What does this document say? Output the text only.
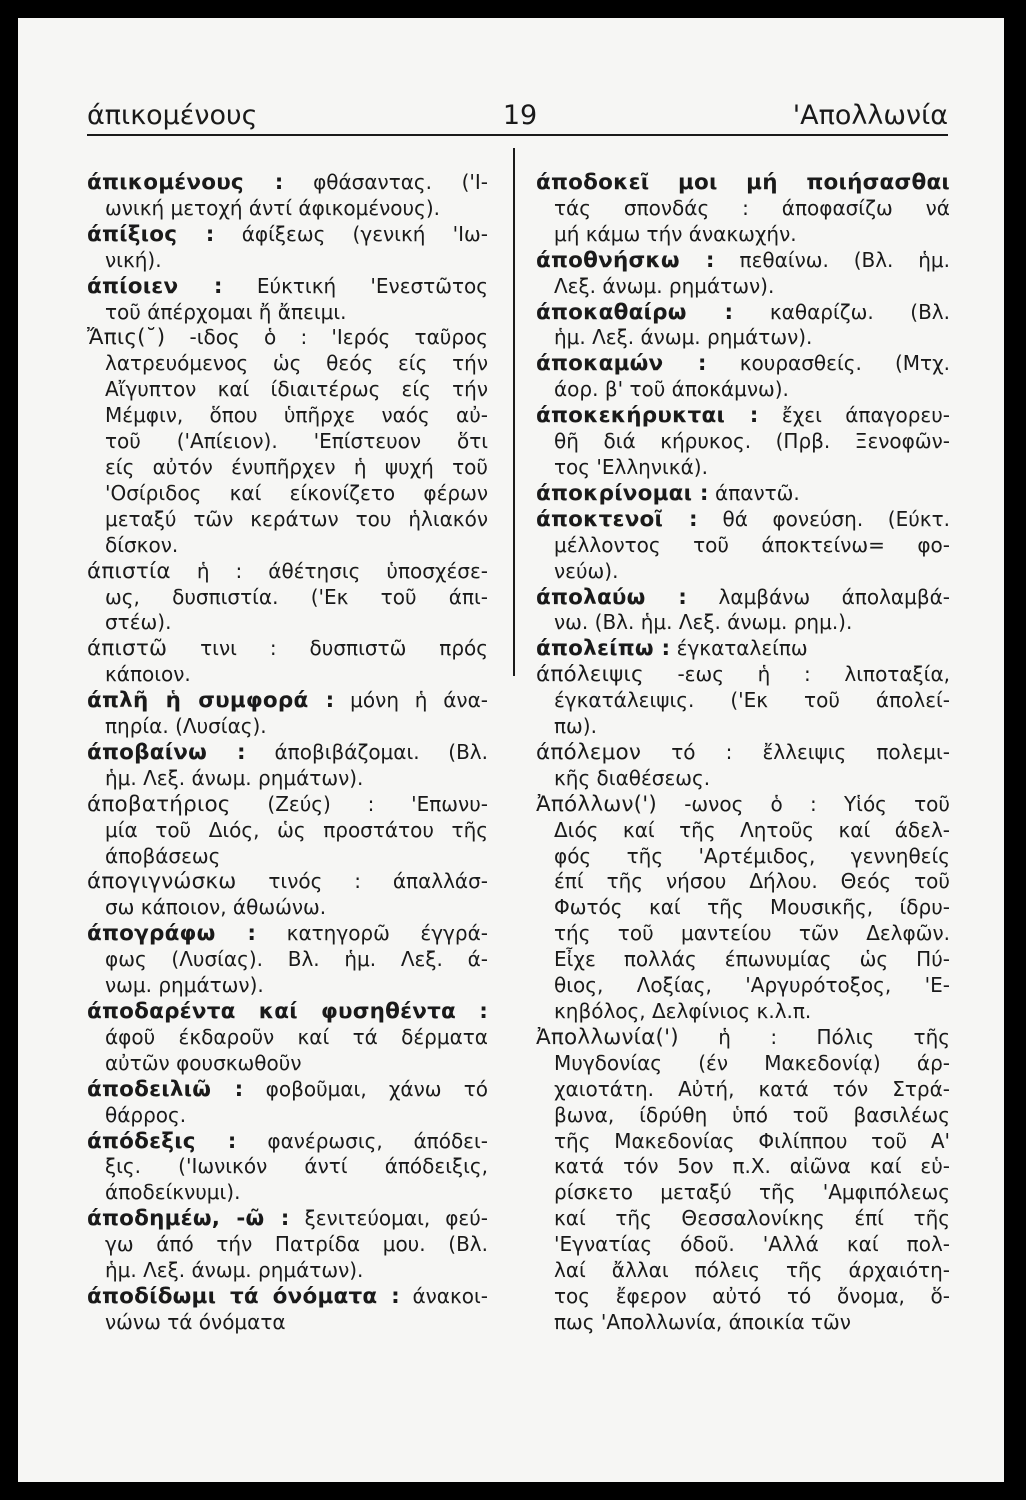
άπικομένους	19	'Απολλωνία

άπικομένους : φθάσαντας. ('Ι-

ωνική μετοχή άντί άφικομένους).

άπίξιος : άφίξεως (γενική 'Ιω-

νική).

άπίοιεν : Εύκτική 'Ενεστῶτος

τοῦ άπέρχομαι ἤ ἄπειμι.

Ἄπις(˘) -ιδος ὁ : 'Ιερός ταῦρος

λατρευόμενος ὡς θεός είς τήν

Αἴγυπτον καί ίδιαιτέρως είς τήν

Μέμφιν, ὅπου ὑπῆρχε ναός αὐ-

τοῦ ('Απίειον). 'Επίστευον ὅτι

είς αὐτόν ένυπῆρχεν ἡ ψυχή τοῦ

'Οσίριδος καί είκονίζετο φέρων

μεταξύ τῶν κεράτων του ἡλιακόν

δίσκον.

άπιστία ἡ : άθέτησις ὑποσχέσε-

ως, δυσπιστία. ('Εκ τοῦ άπι-

στέω).

άπιστῶ τινι : δυσπιστῶ πρός

κάποιον.

άπλῆ ἡ συμφορά : μόνη ἡ άνα-

πηρία. (Λυσίας).

άποβαίνω : άποβιβάζομαι. (Βλ.

ἡμ. Λεξ. άνωμ. ρημάτων).

άποβατήριος (Ζεύς) : 'Επωνυ-

μία τοῦ Διός, ὡς προστάτου τῆς

άποβάσεως

άπογιγνώσκω τινός : άπαλλάσ-

σω κάποιον, άθωώνω.

άπογράφω : κατηγορῶ έγγρά-

φως (Λυσίας). Βλ. ἡμ. Λεξ. ά-

νωμ. ρημάτων).

άποδαρέντα καί φυσηθέντα :

άφοῦ έκδαροῦν καί τά δέρματα

αὐτῶν φουσκωθοῦν

άποδειλιῶ : φοβοῦμαι, χάνω τό

θάρρος.

άπόδεξις : φανέρωσις, άπόδει-

ξις. ('Ιωνικόν άντί άπόδειξις,

άποδείκνυμι).

άποδημέω, -ῶ : ξενιτεύομαι, φεύ-

γω άπό τήν Πατρίδα μου. (Βλ.

ἡμ. Λεξ. άνωμ. ρημάτων).

άποδίδωμι τά όνόματα : άνακοι-

νώνω τά όνόματα

άποδοκεῖ μοι μή ποιήσασθαι

τάς σπονδάς : άποφασίζω νά

μή κάμω τήν άνακωχήν.

άποθνήσκω : πεθαίνω. (Βλ. ἡμ.

Λεξ. άνωμ. ρημάτων).

άποκαθαίρω : καθαρίζω. (Βλ.

ἡμ. Λεξ. άνωμ. ρημάτων).

άποκαμών : κουρασθείς. (Μτχ.

άορ. β' τοῦ άποκάμνω).

άποκεκήρυκται : ἔχει άπαγορευ-

θῆ διά κήρυκος. (Πρβ. Ξενοφῶν-

τος 'Ελληνικά).

άποκρίνομαι : άπαντῶ.

άποκτενοῖ : θά φονεύση. (Εύκτ.

μέλλοντος τοῦ άποκτείνω= φο-

νεύω).

άπολαύω : λαμβάνω άπολαμβά-

νω. (Βλ. ἡμ. Λεξ. άνωμ. ρημ.).

άπολείπω : έγκαταλείπω

άπόλειψις -εως ἡ : λιποταξία,

έγκατάλειψις. ('Εκ τοῦ άπολεί-

πω).

άπόλεμον τό : ἔλλειψις πολεμι-

κῆς διαθέσεως.

Ἀπόλλων(') -ωνος ὁ : Υἱός τοῦ

Διός καί τῆς Λητοῦς καί άδελ-

φός τῆς 'Αρτέμιδος, γεννηθείς

έπί τῆς νήσου Δήλου. Θεός τοῦ

Φωτός καί τῆς Μουσικῆς, ίδρυ-

τής τοῦ μαντείου τῶν Δελφῶν.

Εἶχε πολλάς έπωνυμίας ὡς Πύ-

θιος, Λοξίας, 'Αργυρότοξος, 'Ε-

κηβόλος, Δελφίνιος κ.λ.π.

Ἀπολλωνία(') ἡ : Πόλις τῆς

Μυγδονίας (έν Μακεδονίᾳ) άρ-

χαιοτάτη. Αὐτή, κατά τόν Στρά-

βωνα, ίδρύθη ὑπό τοῦ βασιλέως

τῆς Μακεδονίας Φιλίππου τοῦ Α'

κατά τόν 5ον π.Χ. αἰῶνα καί εὑ-

ρίσκετο μεταξύ τῆς 'Αμφιπόλεως

καί τῆς Θεσσαλονίκης έπί τῆς

'Εγνατίας όδοῦ. 'Αλλά καί πολ-

λαί ἄλλαι πόλεις τῆς άρχαιότη-

τος ἔφερον αὐτό τό ὄνομα, ὅ-

πως 'Απολλωνία, άποικία τῶν
